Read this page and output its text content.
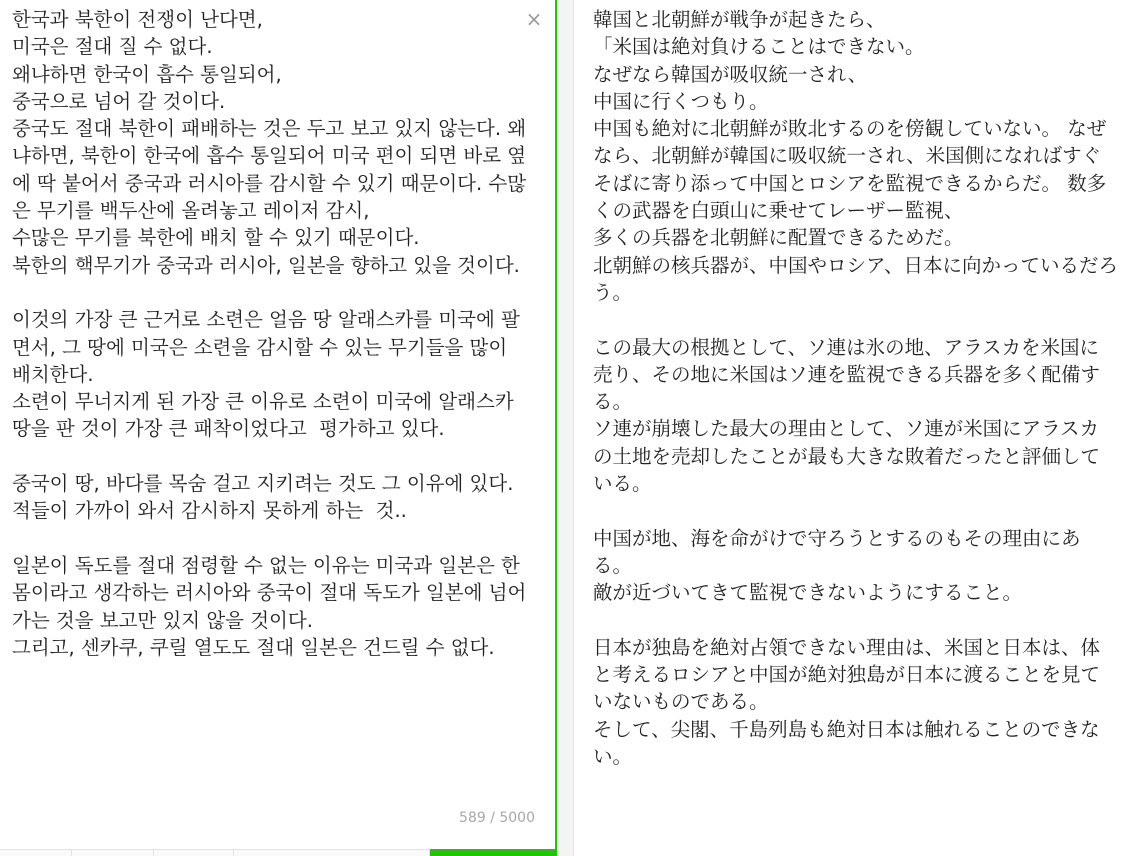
한국과 북한이 전쟁이 난다면,
미국은 절대 질 수 없다.
왜냐하면 한국이 흡수 통일되어,
중국으로 넘어 갈 것이다.
중국도 절대 북한이 패배하는 것은 두고 보고 있지 않는다. 왜냐하면, 북한이 한국에 흡수 통일되어 미국 편이 되면 바로 옆에 딱 붙어서 중국과 러시아를 감시할 수 있기 때문이다. 수많은 무기를 백두산에 올려놓고 레이저 감시,
수많은 무기를 북한에 배치 할 수 있기 때문이다.
북한의 핵무기가 중국과 러시아, 일본을 향하고 있을 것이다.

이것의 가장 큰 근거로 소련은 얼음 땅 알래스카를 미국에 팔면서, 그 땅에 미국은 소련을 감시할 수 있는 무기들을 많이 배치한다.
소련이 무너지게 된 가장 큰 이유로 소련이 미국에 알래스카 땅을 판 것이 가장 큰 패착이었다고  평가하고 있다.

중국이 땅, 바다를 목숨 걸고 지키려는 것도 그 이유에 있다.
적들이 가까이 와서 감시하지 못하게 하는  것..

일본이 독도를 절대 점령할 수 없는 이유는 미국과 일본은 한 몸이라고 생각하는 러시아와 중국이 절대 독도가 일본에 넘어가는 것을 보고만 있지 않을 것이다.
그리고, 센카쿠, 쿠릴 열도도 절대 일본은 건드릴 수 없다.

×
589 / 5000

韓国と北朝鮮が戦争が起きたら、
「米国は絶対負けることはできない。
なぜなら韓国が吸収統一され、
中国に行くつもり。
中国も絶対に北朝鮮が敗北するのを傍観していない。 なぜなら、北朝鮮が韓国に吸収統一され、米国側になればすぐそばに寄り添って中国とロシアを監視できるからだ。 数多くの武器を白頭山に乗せてレーザー監視、
多くの兵器を北朝鮮に配置できるためだ。
北朝鮮の核兵器が、中国やロシア、日本に向かっているだろう。

この最大の根拠として、ソ連は氷の地、アラスカを米国に売り、その地に米国はソ連を監視できる兵器を多く配備する。
ソ連が崩壊した最大の理由として、ソ連が米国にアラスカの土地を売却したことが最も大きな敗着だったと評価している。

中国が地、海を命がけで守ろうとするのもその理由にある。
敵が近づいてきて監視できないようにすること。

日本が独島を絶対占領できない理由は、米国と日本は、体と考えるロシアと中国が絶対独島が日本に渡ることを見ていないものである。
そして、尖閣、千島列島も絶対日本は触れることのできない。
